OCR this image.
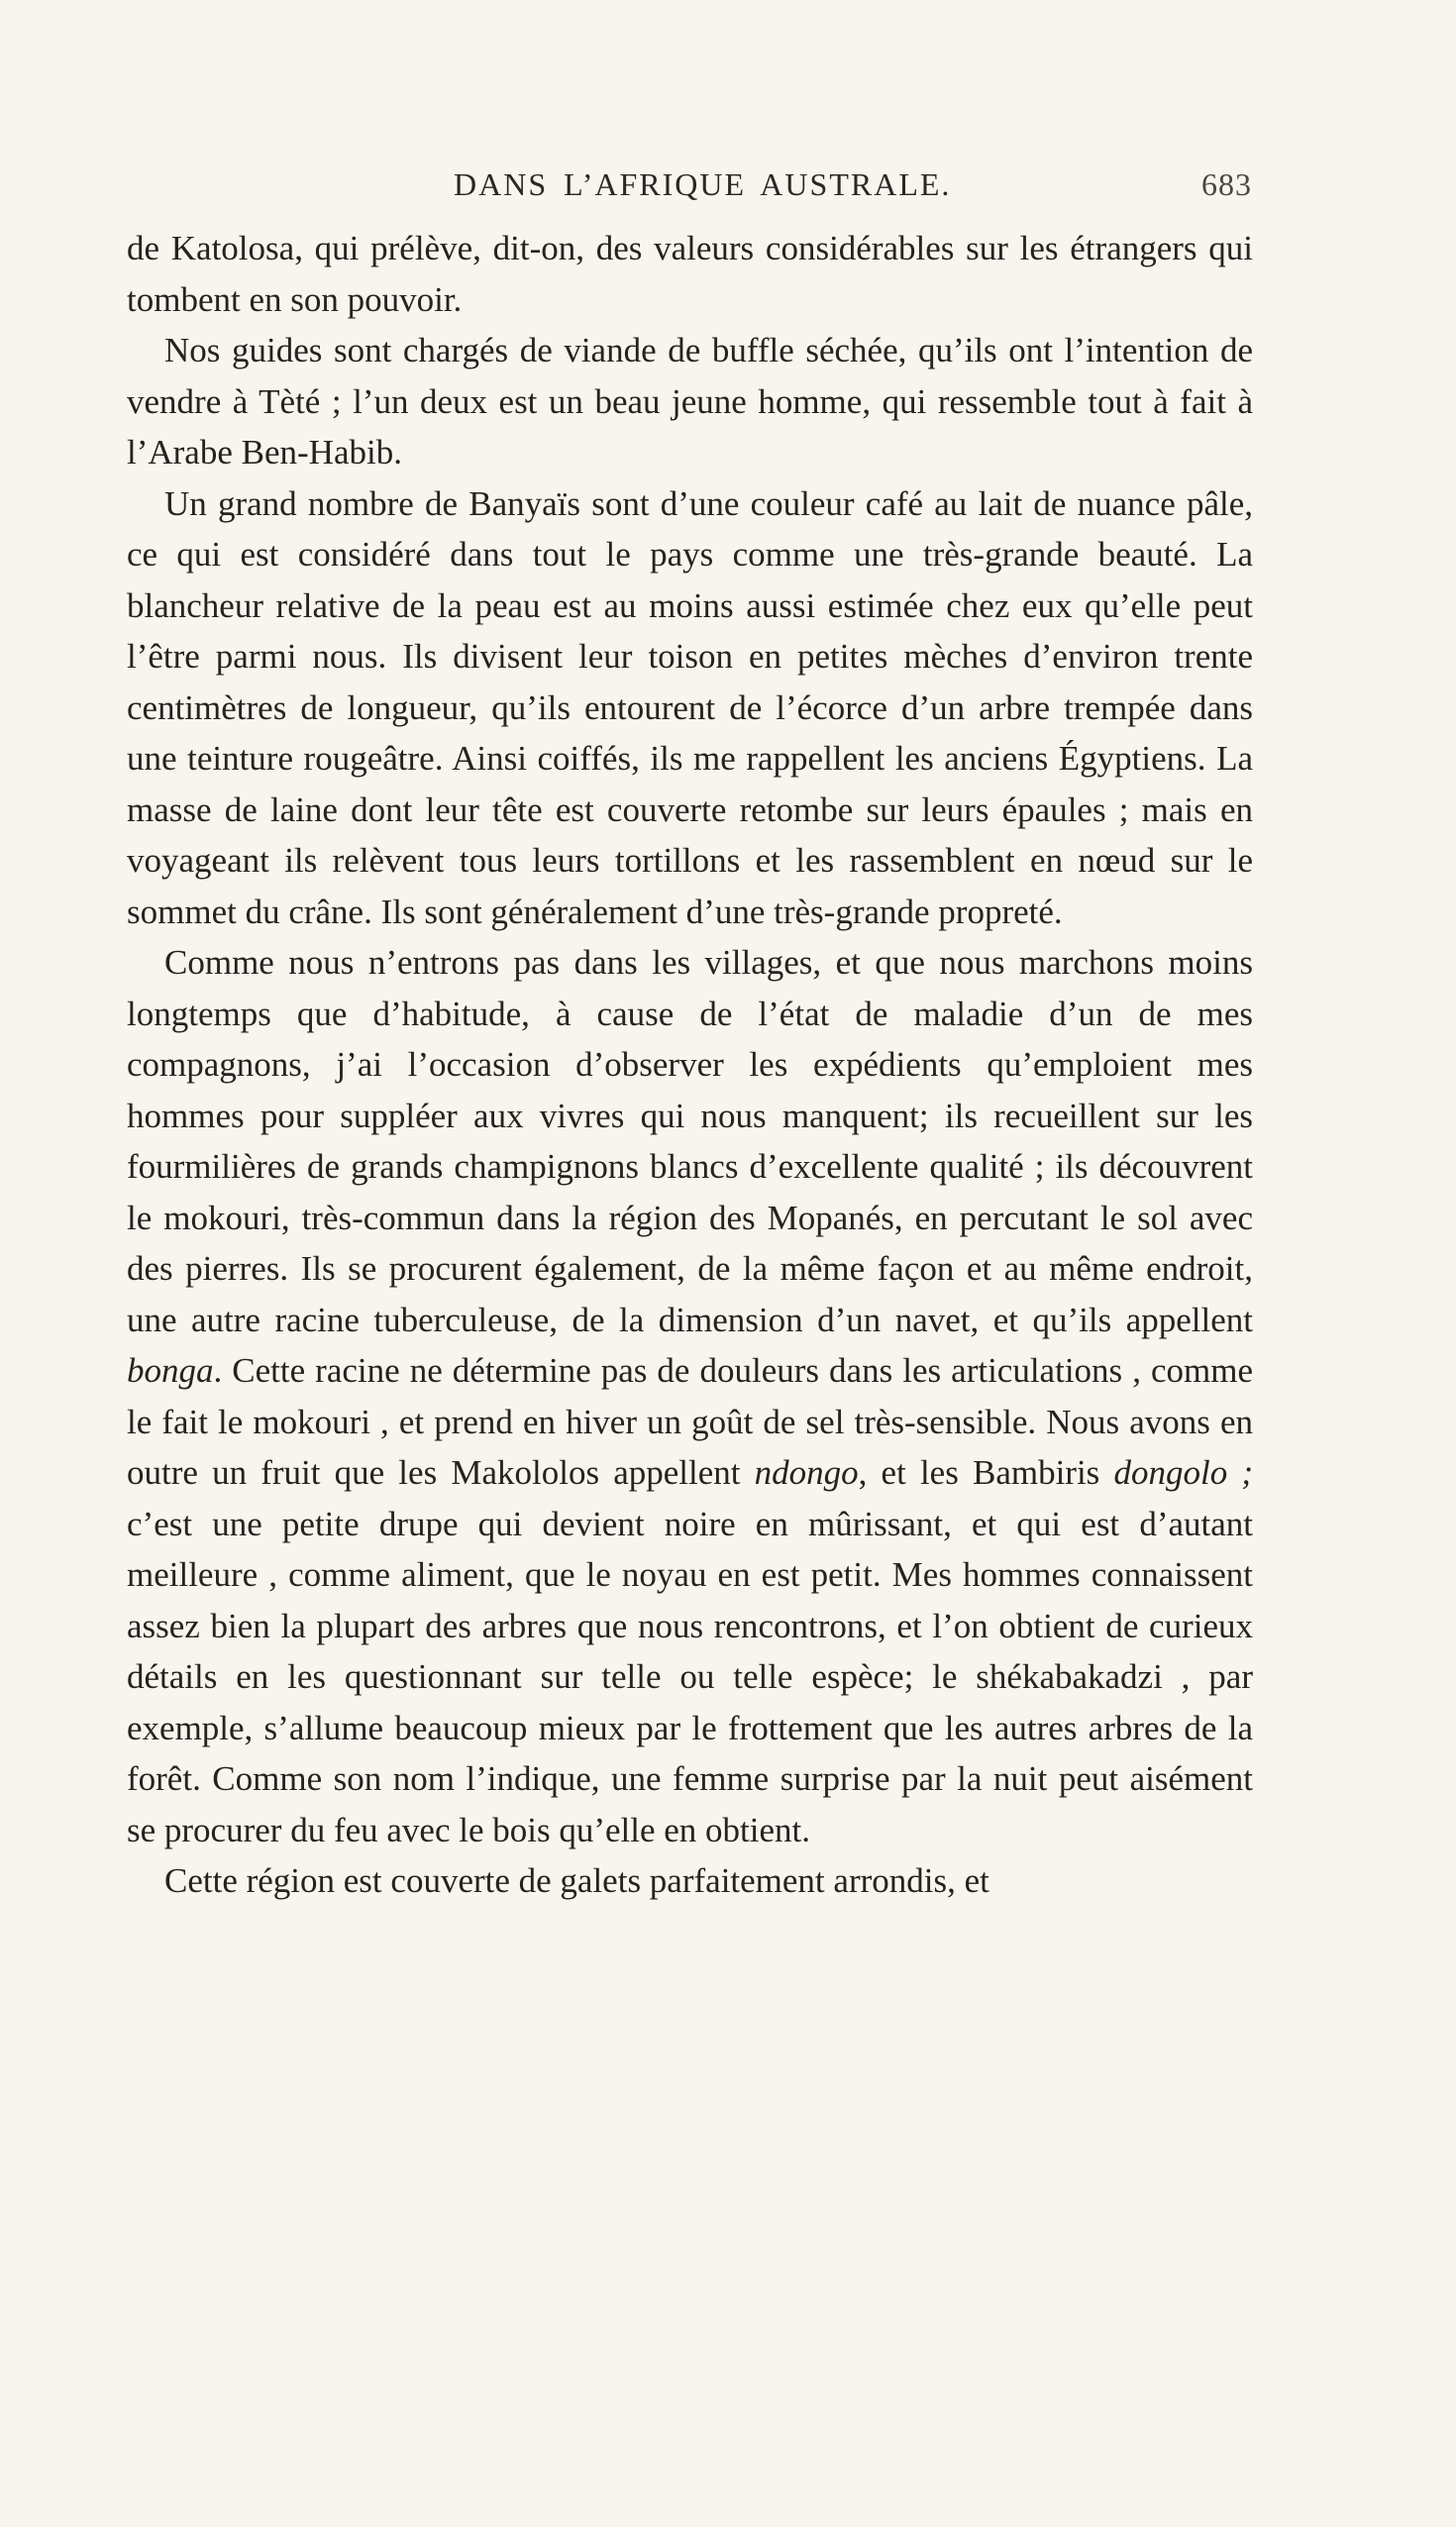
DANS L’AFRIQUE AUSTRALE.	683

de Katolosa, qui prélève, dit-on, des valeurs considérables sur les étrangers qui tombent en son pouvoir.

Nos guides sont chargés de viande de buffle séchée, qu’ils ont l’intention de vendre à Tèté ; l’un deux est un beau jeune homme, qui ressemble tout à fait à l’Arabe Ben-Habib.

Un grand nombre de Banyaïs sont d’une couleur café au lait de nuance pâle, ce qui est considéré dans tout le pays comme une très-grande beauté. La blancheur relative de la peau est au moins aussi estimée chez eux qu’elle peut l’être parmi nous. Ils divisent leur toison en petites mèches d’environ trente centimètres de longueur, qu’ils entourent de l’écorce d’un arbre trempée dans une teinture rougeâtre. Ainsi coiffés, ils me rappellent les anciens Égyptiens. La masse de laine dont leur tête est couverte retombe sur leurs épaules ; mais en voyageant ils relèvent tous leurs tortillons et les rassemblent en nœud sur le sommet du crâne. Ils sont généralement d’une très-grande propreté.

Comme nous n’entrons pas dans les villages, et que nous marchons moins longtemps que d’habitude, à cause de l’état de maladie d’un de mes compagnons, j’ai l’occasion d’observer les expédients qu’emploient mes hommes pour suppléer aux vivres qui nous manquent; ils recueillent sur les fourmilières de grands champignons blancs d’excellente qualité ; ils découvrent le mokouri, très-commun dans la région des Mopanés, en percutant le sol avec des pierres. Ils se procurent également, de la même façon et au même endroit, une autre racine tuberculeuse, de la dimension d’un navet, et qu’ils appellent bonga. Cette racine ne détermine pas de douleurs dans les articulations , comme le fait le mokouri , et prend en hiver un goût de sel très-sensible. Nous avons en outre un fruit que les Makololos appellent ndongo, et les Bambiris dongolo ; c’est une petite drupe qui devient noire en mûrissant, et qui est d’autant meilleure , comme aliment, que le noyau en est petit. Mes hommes connaissent assez bien la plupart des arbres que nous rencontrons, et l’on obtient de curieux détails en les questionnant sur telle ou telle espèce; le shékabakadzi , par exemple, s’allume beaucoup mieux par le frottement que les autres arbres de la forêt. Comme son nom l’indique, une femme surprise par la nuit peut aisément se procurer du feu avec le bois qu’elle en obtient.

Cette région est couverte de galets parfaitement arrondis, et
